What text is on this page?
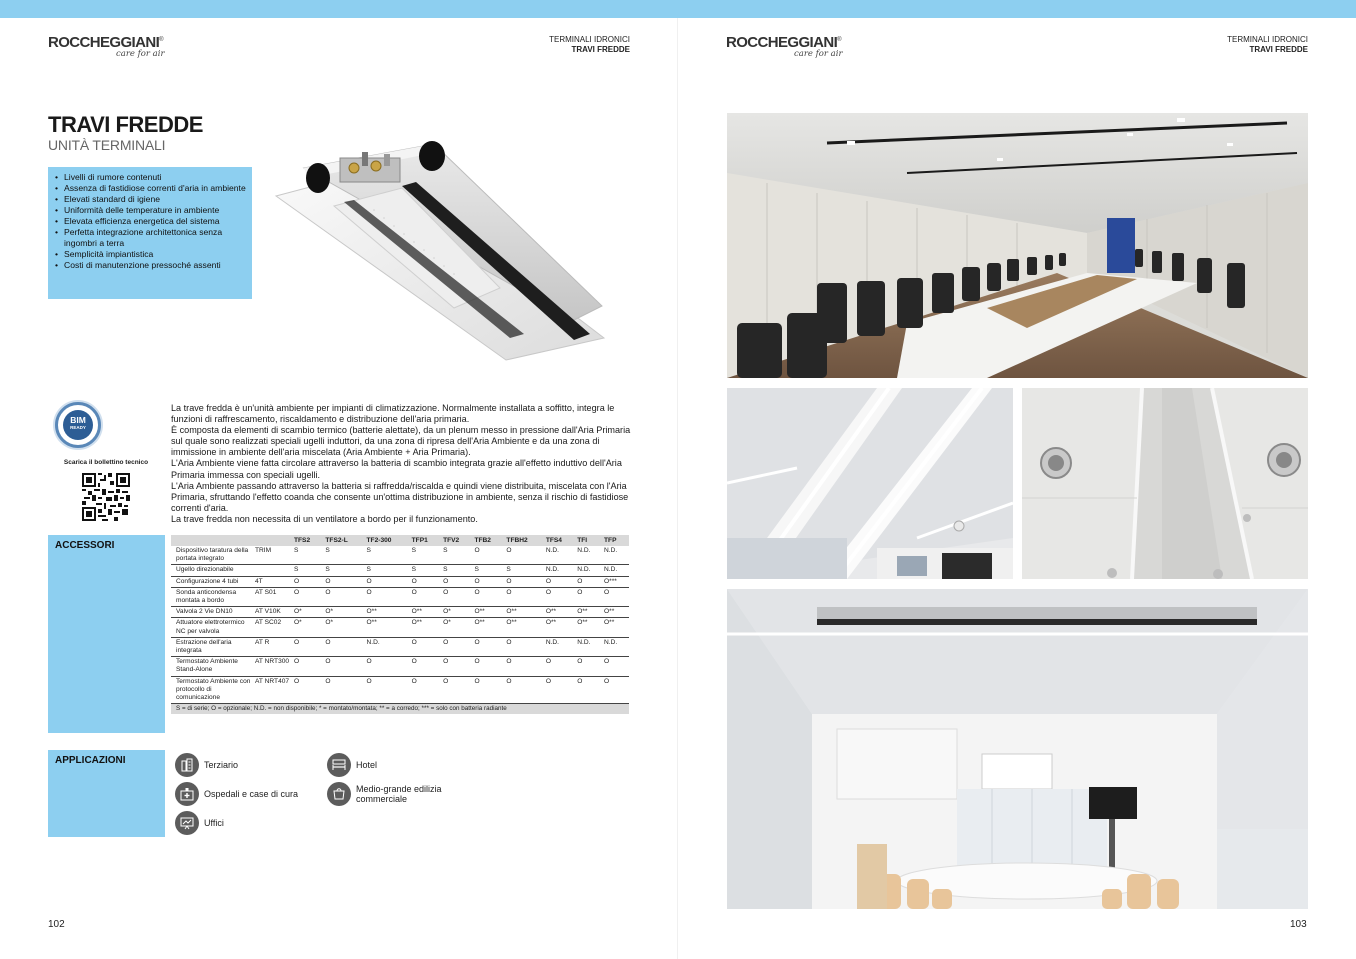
ROCCHEGGIANI®
care for air
TERMINALI IDRONICI
TRAVI FREDDE
TRAVI FREDDE
UNITÀ TERMINALI
• Livelli di rumore contenuti
• Assenza di fastidiose correnti d'aria in ambiente
• Elevati standard di igiene
• Uniformità delle temperature in ambiente
• Elevata efficienza energetica del sistema
• Perfetta integrazione architettonica senza ingombri a terra
• Semplicità impiantistica
• Costi di manutenzione pressoché assenti
BIM
READY
Scarica il bollettino tecnico

La trave fredda è un'unità ambiente per impianti di climatizzazione. Normalmente installata a soffitto, integra le funzioni di raffrescamento, riscaldamento e distribuzione dell'aria primaria.

È composta da elementi di scambio termico (batterie alettate), da un plenum messo in pressione dall'Aria Primaria sul quale sono realizzati speciali ugelli induttori, da una zona di ripresa dell'Aria Ambiente e da una zona di immissione in ambiente dell'aria miscelata (Aria Ambiente + Aria Primaria).

L'Aria Ambiente viene fatta circolare attraverso la batteria di scambio integrata grazie all'effetto induttivo dell'Aria Primaria immessa con speciali ugelli.

L'Aria Ambiente passando attraverso la batteria si raffredda/riscalda e quindi viene distribuita, miscelata con l'Aria Primaria, sfruttando l'effetto coanda che consente un'ottima distribuzione in ambiente, senza il rischio di fastidiose correnti d'aria.

La trave fredda non necessita di un ventilatore a bordo per il funzionamento.

ACCESSORI
			TFS2	TFS2-L	TF2-300	TFP1	TFV2	TFB2	TFBH2	TFS4	TFI	TFP
Dispositivo taratura della portata integrato	TRIM	S	S	S	S	S	O	O	N.D.	N.D.	N.D.
Ugello direzionabile		S	S	S	S	S	S	S	N.D.	N.D.	N.D.
Configurazione 4 tubi	4T	O	O	O	O	O	O	O	O	O	O***
Sonda anticondensa montata a bordo	AT S01	O	O	O	O	O	O	O	O	O	O
Valvola 2 Vie DN10	AT V10K	O*	O*	O**	O**	O*	O**	O**	O**	O**	O**
Attuatore elettrotermico NC per valvola	AT SC02	O*	O*	O**	O**	O*	O**	O**	O**	O**	O**
Estrazione dell'aria integrata	AT R	O	O	N.D.	O	O	O	O	N.D.	N.D.	N.D.
Termostato Ambiente Stand-Alone	AT NRT300	O	O	O	O	O	O	O	O	O	O
Termostato Ambiente con protocollo di comunicazione	AT NRT407	O	O	O	O	O	O	O	O	O	O
S = di serie; O = opzionale; N.D. = non disponibile; * = montato/montata; ** = a corredo; *** = solo con batteria radiante											
APPLICAZIONI	Terziario	Hotel
Ospedali e case di cura
Medio-grande edilizia commerciale
Uffici
102
ROCCHEGGIANI®
care for air
TERMINALI IDRONICI
TRAVI FREDDE
103
